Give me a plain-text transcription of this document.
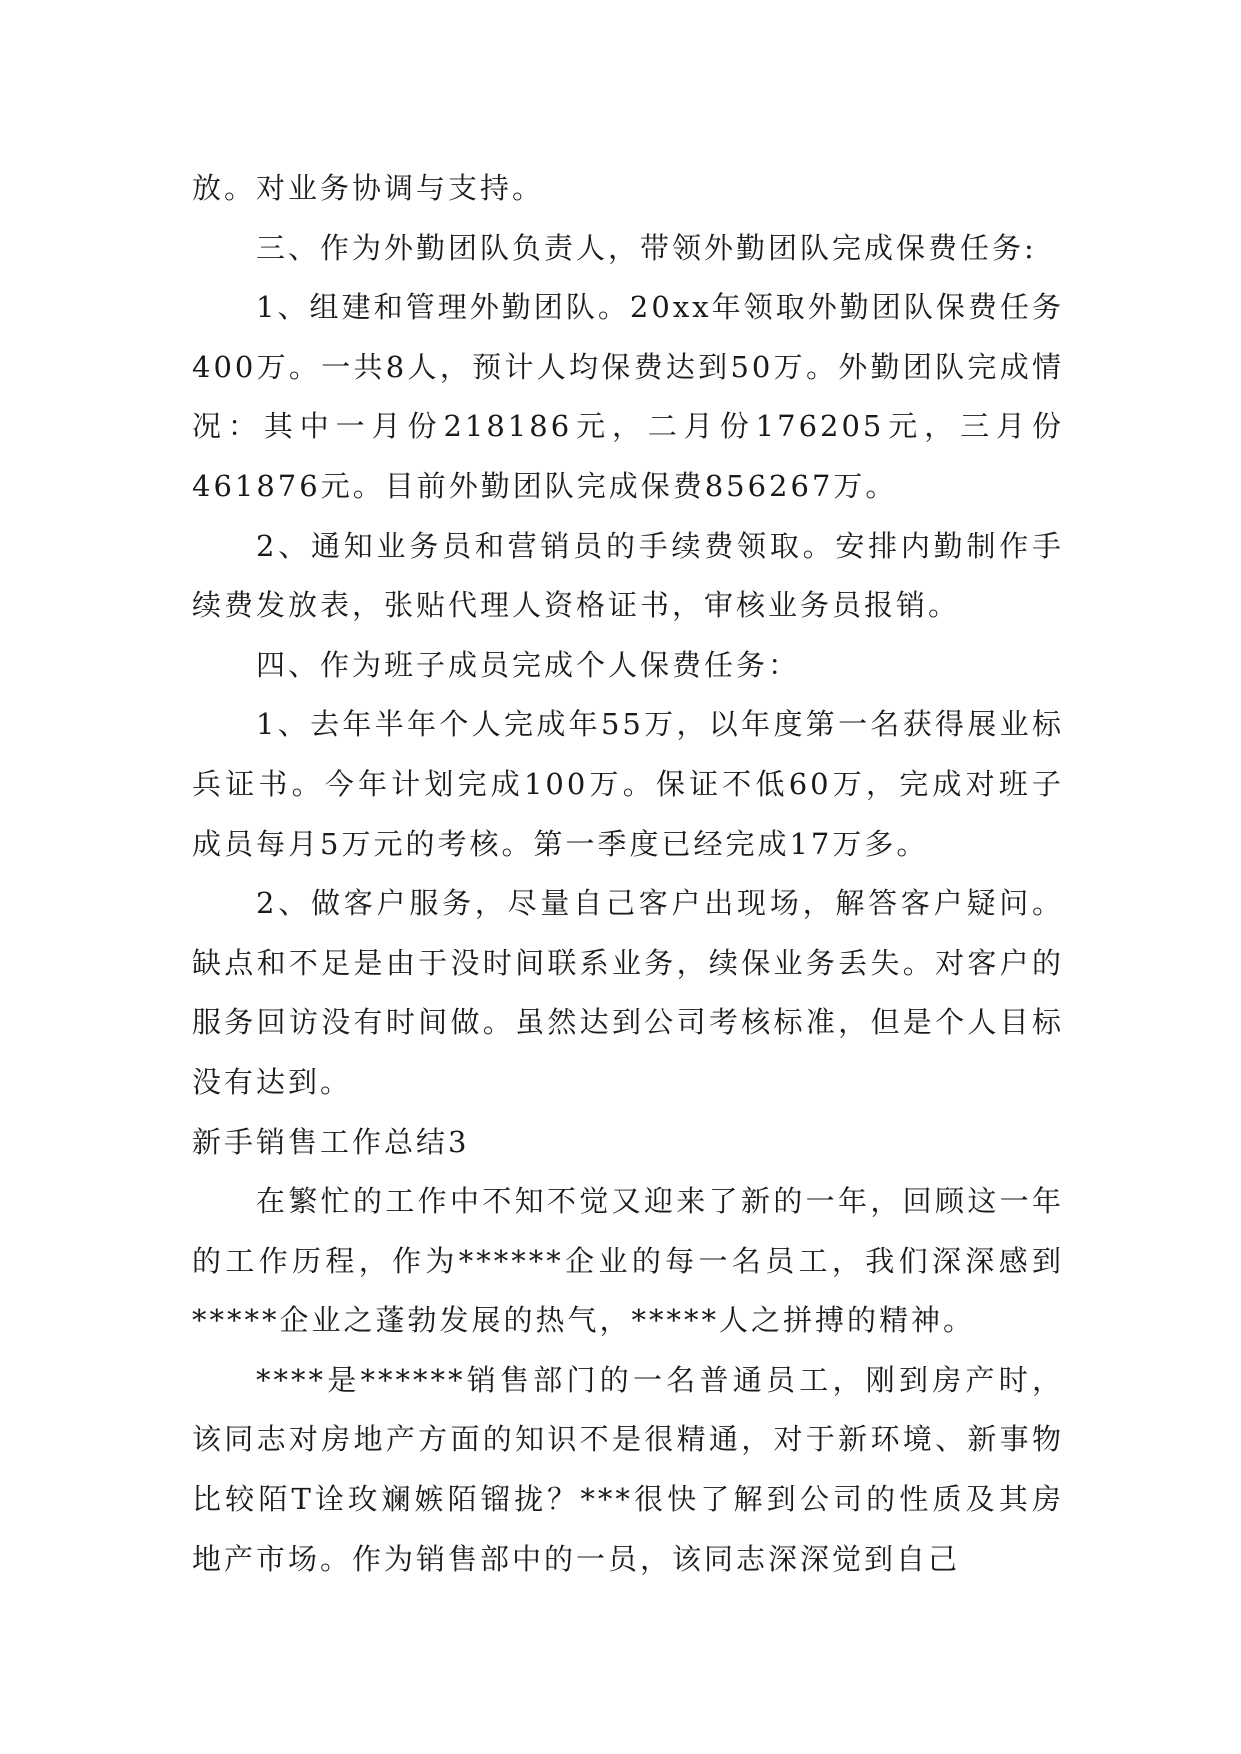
放。对业务协调与支持。

三、作为外勤团队负责人，带领外勤团队完成保费任务:

1、组建和管理外勤团队。20xx年领取外勤团队保费任务400万。一共8人，预计人均保费达到50万。外勤团队完成情况：其中一月份218186元，二月份176205元，三月份461876元。目前外勤团队完成保费856267万。

2、通知业务员和营销员的手续费领取。安排内勤制作手续费发放表，张贴代理人资格证书，审核业务员报销。

四、作为班子成员完成个人保费任务：

1、去年半年个人完成年55万，以年度第一名获得展业标兵证书。今年计划完成100万。保证不低60万，完成对班子成员每月5万元的考核。第一季度已经完成17万多。

2、做客户服务，尽量自己客户出现场，解答客户疑问。缺点和不足是由于没时间联系业务，续保业务丢失。对客户的服务回访没有时间做。虽然达到公司考核标准，但是个人目标没有达到。

新手销售工作总结3

在繁忙的工作中不知不觉又迎来了新的一年，回顾这一年的工作历程，作为******企业的每一名员工，我们深深感到*****企业之蓬勃发展的热气，*****人之拼搏的精神。

****是******销售部门的一名普通员工，刚到房产时，该同志对房地产方面的知识不是很精通，对于新环境、新事物比较陌T诠玫斓嫉陌镏拢？***很快了解到公司的性质及其房地产市场。作为销售部中的一员，该同志深深觉到自己
